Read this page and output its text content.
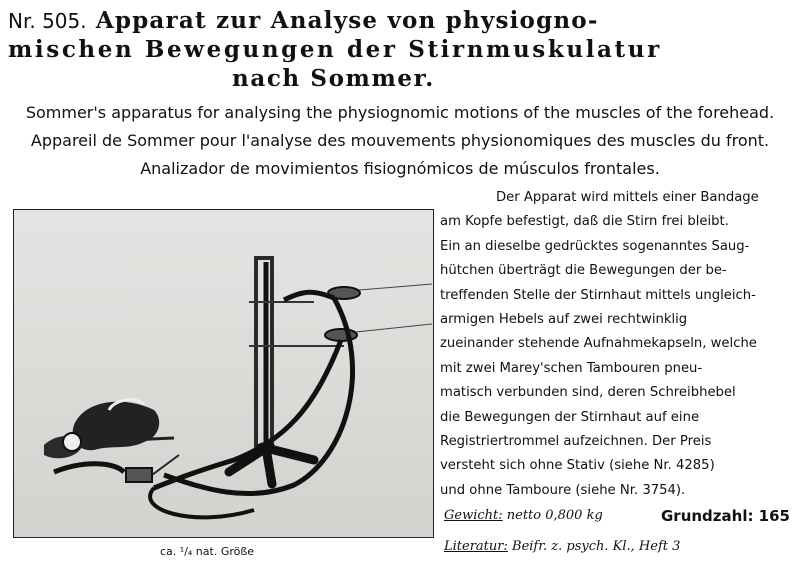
Nr. 505. Apparat zur Analyse von physiogno-
mischen Bewegungen der Stirnmuskulatur
nach Sommer.
Sommer's apparatus for analysing the physiognomic motions of the muscles of the forehead.
Appareil de Sommer pour l'analyse des mouvements physionomiques des muscles du front.
Analizador de movimientos fisiognómicos de músculos frontales.
ca. ¹/₄ nat. Größe
Der Apparat wird mittels einer Bandage
am Kopfe befestigt, daß die Stirn frei bleibt.
Ein an dieselbe gedrücktes sogenanntes Saug-
hütchen überträgt die Bewegungen der be-
treffenden Stelle der Stirnhaut mittels ungleich-
armigen Hebels auf zwei rechtwinklig
zueinander stehende Aufnahmekapseln, welche
mit zwei Marey'schen Tambouren pneu-
matisch verbunden sind, deren Schreibhebel
die Bewegungen der Stirnhaut auf eine
Registriertrommel aufzeichnen. Der Preis
versteht sich ohne Stativ (siehe Nr. 4285)
und ohne Tamboure (siehe Nr. 3754).
Gewicht: netto 0,800 kg	Grundzahl: 165
Literatur: Beifr. z. psych. Kl., Heft 3
